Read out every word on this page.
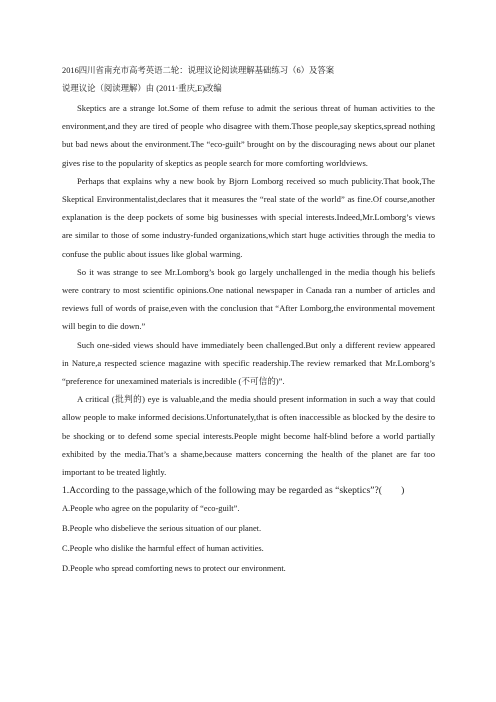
2016四川省南充市高考英语二轮：说理议论阅读理解基础练习（6）及答案
说理议论（阅读理解）由 (2011·重庆,E)改编

Skeptics are a strange lot.Some of them refuse to admit the serious threat of human activities to the environment,and they are tired of people who disagree with them.Those people,say skeptics,spread nothing but bad news about the environment.The “eco-guilt” brought on by the discouraging news about our planet gives rise to the popularity of skeptics as people search for more comforting worldviews.

Perhaps that explains why a new book by Bjorn Lomborg received so much publicity.That book,The Skeptical Environmentalist,declares that it measures the “real state of the world” as fine.Of course,another explanation is the deep pockets of some big businesses with special interests.Indeed,Mr.Lomborg’s views are similar to those of some industry-funded organizations,which start huge activities through the media to confuse the public about issues like global warming.

So it was strange to see Mr.Lomborg’s book go largely unchallenged in the media though his beliefs were contrary to most scientific opinions.One national newspaper in Canada ran a number of articles and reviews full of words of praise,even with the conclusion that “After Lomborg,the environmental movement will begin to die down.”

Such one-sided views should have immediately been challenged.But only a different review appeared in Nature,a respected science magazine with specific readership.The review remarked that Mr.Lomborg’s “preference for unexamined materials is incredible (不可信的)”.

A critical (批判的) eye is valuable,and the media should present information in such a way that could allow people to make informed decisions.Unfortunately,that is often inaccessible as blocked by the desire to be shocking or to defend some special interests.People might become half-blind before a world partially exhibited by the media.That’s a shame,because matters concerning the health of the planet are far too important to be treated lightly.

1.According to the passage,which of the following may be regarded as “skeptics”?(　　)
A.People who agree on the popularity of “eco-guilt”.
B.People who disbelieve the serious situation of our planet.
C.People who dislike the harmful effect of human activities.
D.People who spread comforting news to protect our environment.
